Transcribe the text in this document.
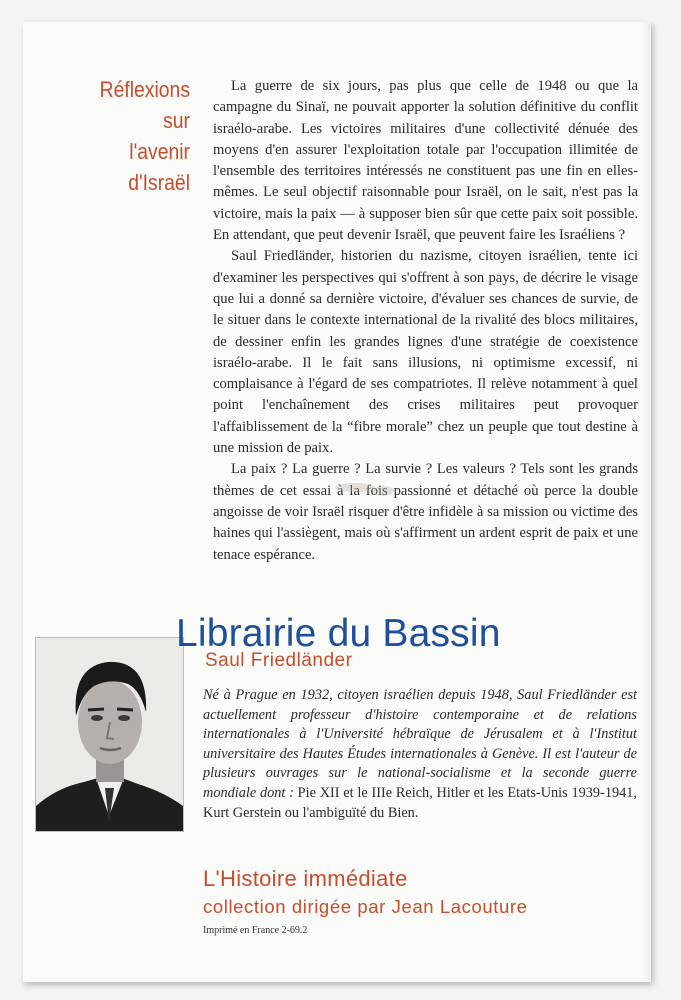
Réflexions
sur
l'avenir
d'Israël

La guerre de six jours, pas plus que celle de 1948 ou que la campagne du Sinaï, ne pouvait apporter la solution définitive du conflit israélo-arabe. Les victoires militaires d'une collectivité dénuée des moyens d'en assurer l'exploitation totale par l'occupation illimitée de l'ensemble des territoires intéressés ne constituent pas une fin en elles-mêmes. Le seul objectif raisonnable pour Israël, on le sait, n'est pas la victoire, mais la paix — à supposer bien sûr que cette paix soit possible. En attendant, que peut devenir Israël, que peuvent faire les Israéliens ?

Saul Friedländer, historien du nazisme, citoyen israélien, tente ici d'examiner les perspectives qui s'offrent à son pays, de décrire le visage que lui a donné sa dernière victoire, d'évaluer ses chances de survie, de le situer dans le contexte international de la rivalité des blocs militaires, de dessiner enfin les grandes lignes d'une stratégie de coexistence israélo-arabe. Il le fait sans illusions, ni optimisme excessif, ni complaisance à l'égard de ses compatriotes. Il relève notamment à quel point l'enchaînement des crises militaires peut provoquer l'affaiblissement de la “fibre morale” chez un peuple que tout destine à une mission de paix.

La paix ? La guerre ? La survie ? Les valeurs ? Tels sont les grands thèmes de cet essai à la fois passionné et détaché où perce la double angoisse de voir Israël risquer d'être infidèle à sa mission ou victime des haines qui l'assiègent, mais où s'affirment un ardent esprit de paix et une tenace espérance.

Librairie du Bassin
Saul Friedländer
Né à Prague en 1932, citoyen israélien depuis 1948, Saul Friedländer est actuellement professeur d'histoire contemporaine et de relations internationales à l'Université hébraïque de Jérusalem et à l'Institut universitaire des Hautes Études internationales à Genève. Il est l'auteur de plusieurs ouvrages sur le national-socialisme et la seconde guerre mondiale dont : Pie XII et le IIIe Reich, Hitler et les Etats-Unis 1939-1941, Kurt Gerstein ou l'ambiguïté du Bien.
L'Histoire immédiate
collection dirigée par Jean Lacouture
Imprimé en France 2-69.2
